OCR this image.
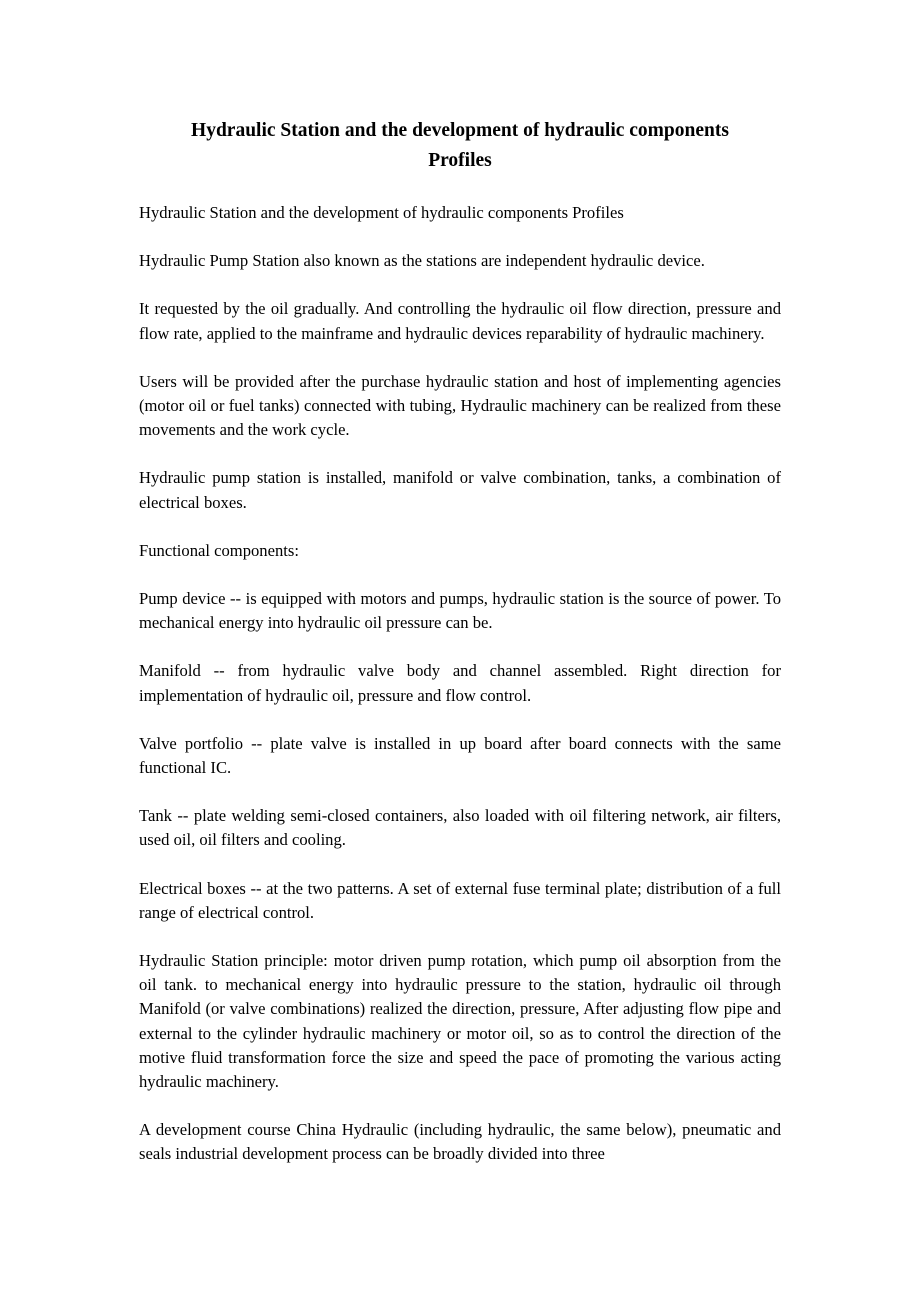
Hydraulic Station and the development of hydraulic components
Profiles

Hydraulic Station and the development of hydraulic components Profiles

Hydraulic Pump Station also known as the stations are independent hydraulic device.

It requested by the oil gradually. And controlling the hydraulic oil flow direction, pressure and flow rate, applied to the mainframe and hydraulic devices reparability of hydraulic machinery.

Users will be provided after the purchase hydraulic station and host of implementing agencies (motor oil or fuel tanks) connected with tubing, Hydraulic machinery can be realized from these movements and the work cycle.

Hydraulic pump station is installed, manifold or valve combination, tanks, a combination of electrical boxes.

Functional components:

Pump device -- is equipped with motors and pumps, hydraulic station is the source of power. To mechanical energy into hydraulic oil pressure can be.

Manifold -- from hydraulic valve body and channel assembled. Right direction for implementation of hydraulic oil, pressure and flow control.

Valve portfolio -- plate valve is installed in up board after board connects with the same functional IC.

Tank -- plate welding semi-closed containers, also loaded with oil filtering network, air filters, used oil, oil filters and cooling.

Electrical boxes -- at the two patterns. A set of external fuse terminal plate; distribution of a full range of electrical control.

Hydraulic Station principle: motor driven pump rotation, which pump oil absorption from the oil tank. to mechanical energy into hydraulic pressure to the station, hydraulic oil through Manifold (or valve combinations) realized the direction, pressure, After adjusting flow pipe and external to the cylinder hydraulic machinery or motor oil, so as to control the direction of the motive fluid transformation force the size and speed the pace of promoting the various acting hydraulic machinery.

A development course China Hydraulic (including hydraulic, the same below), pneumatic and seals industrial development process can be broadly divided into three
